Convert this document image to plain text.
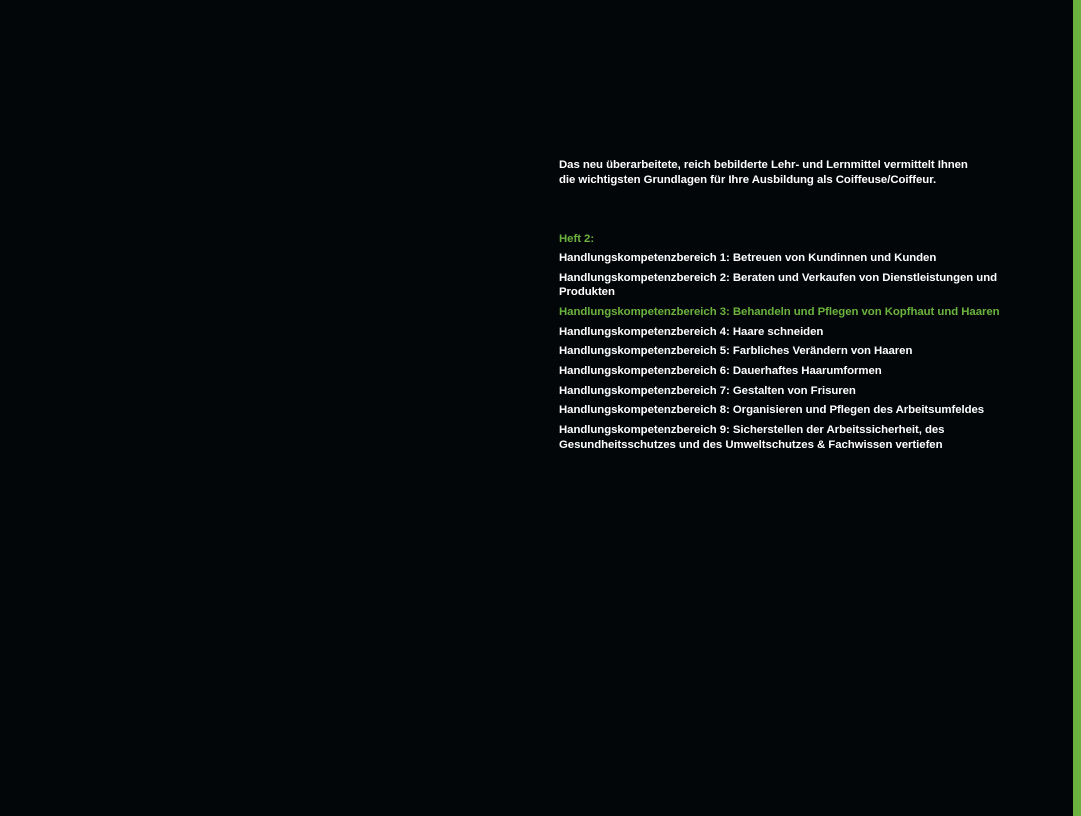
Das neu überarbeitete, reich bebilderte Lehr- und Lernmittel vermittelt Ihnen
die wichtigsten Grundlagen für Ihre Ausbildung als Coiffeuse/Coiffeur.

Heft 2:

Handlungskompetenzbereich 1: Betreuen von Kundinnen und Kunden
Handlungskompetenzbereich 2: Beraten und Verkaufen von Dienstleistungen und Produkten
Handlungskompetenzbereich 3: Behandeln und Pflegen von Kopfhaut und Haaren
Handlungskompetenzbereich 4: Haare schneiden
Handlungskompetenzbereich 5: Farbliches Verändern von Haaren
Handlungskompetenzbereich 6: Dauerhaftes Haarumformen
Handlungskompetenzbereich 7: Gestalten von Frisuren
Handlungskompetenzbereich 8: Organisieren und Pflegen des Arbeitsumfeldes
Handlungskompetenzbereich 9: Sicherstellen der Arbeitssicherheit, des Gesundheitsschutzes und des Umweltschutzes & Fachwissen vertiefen
